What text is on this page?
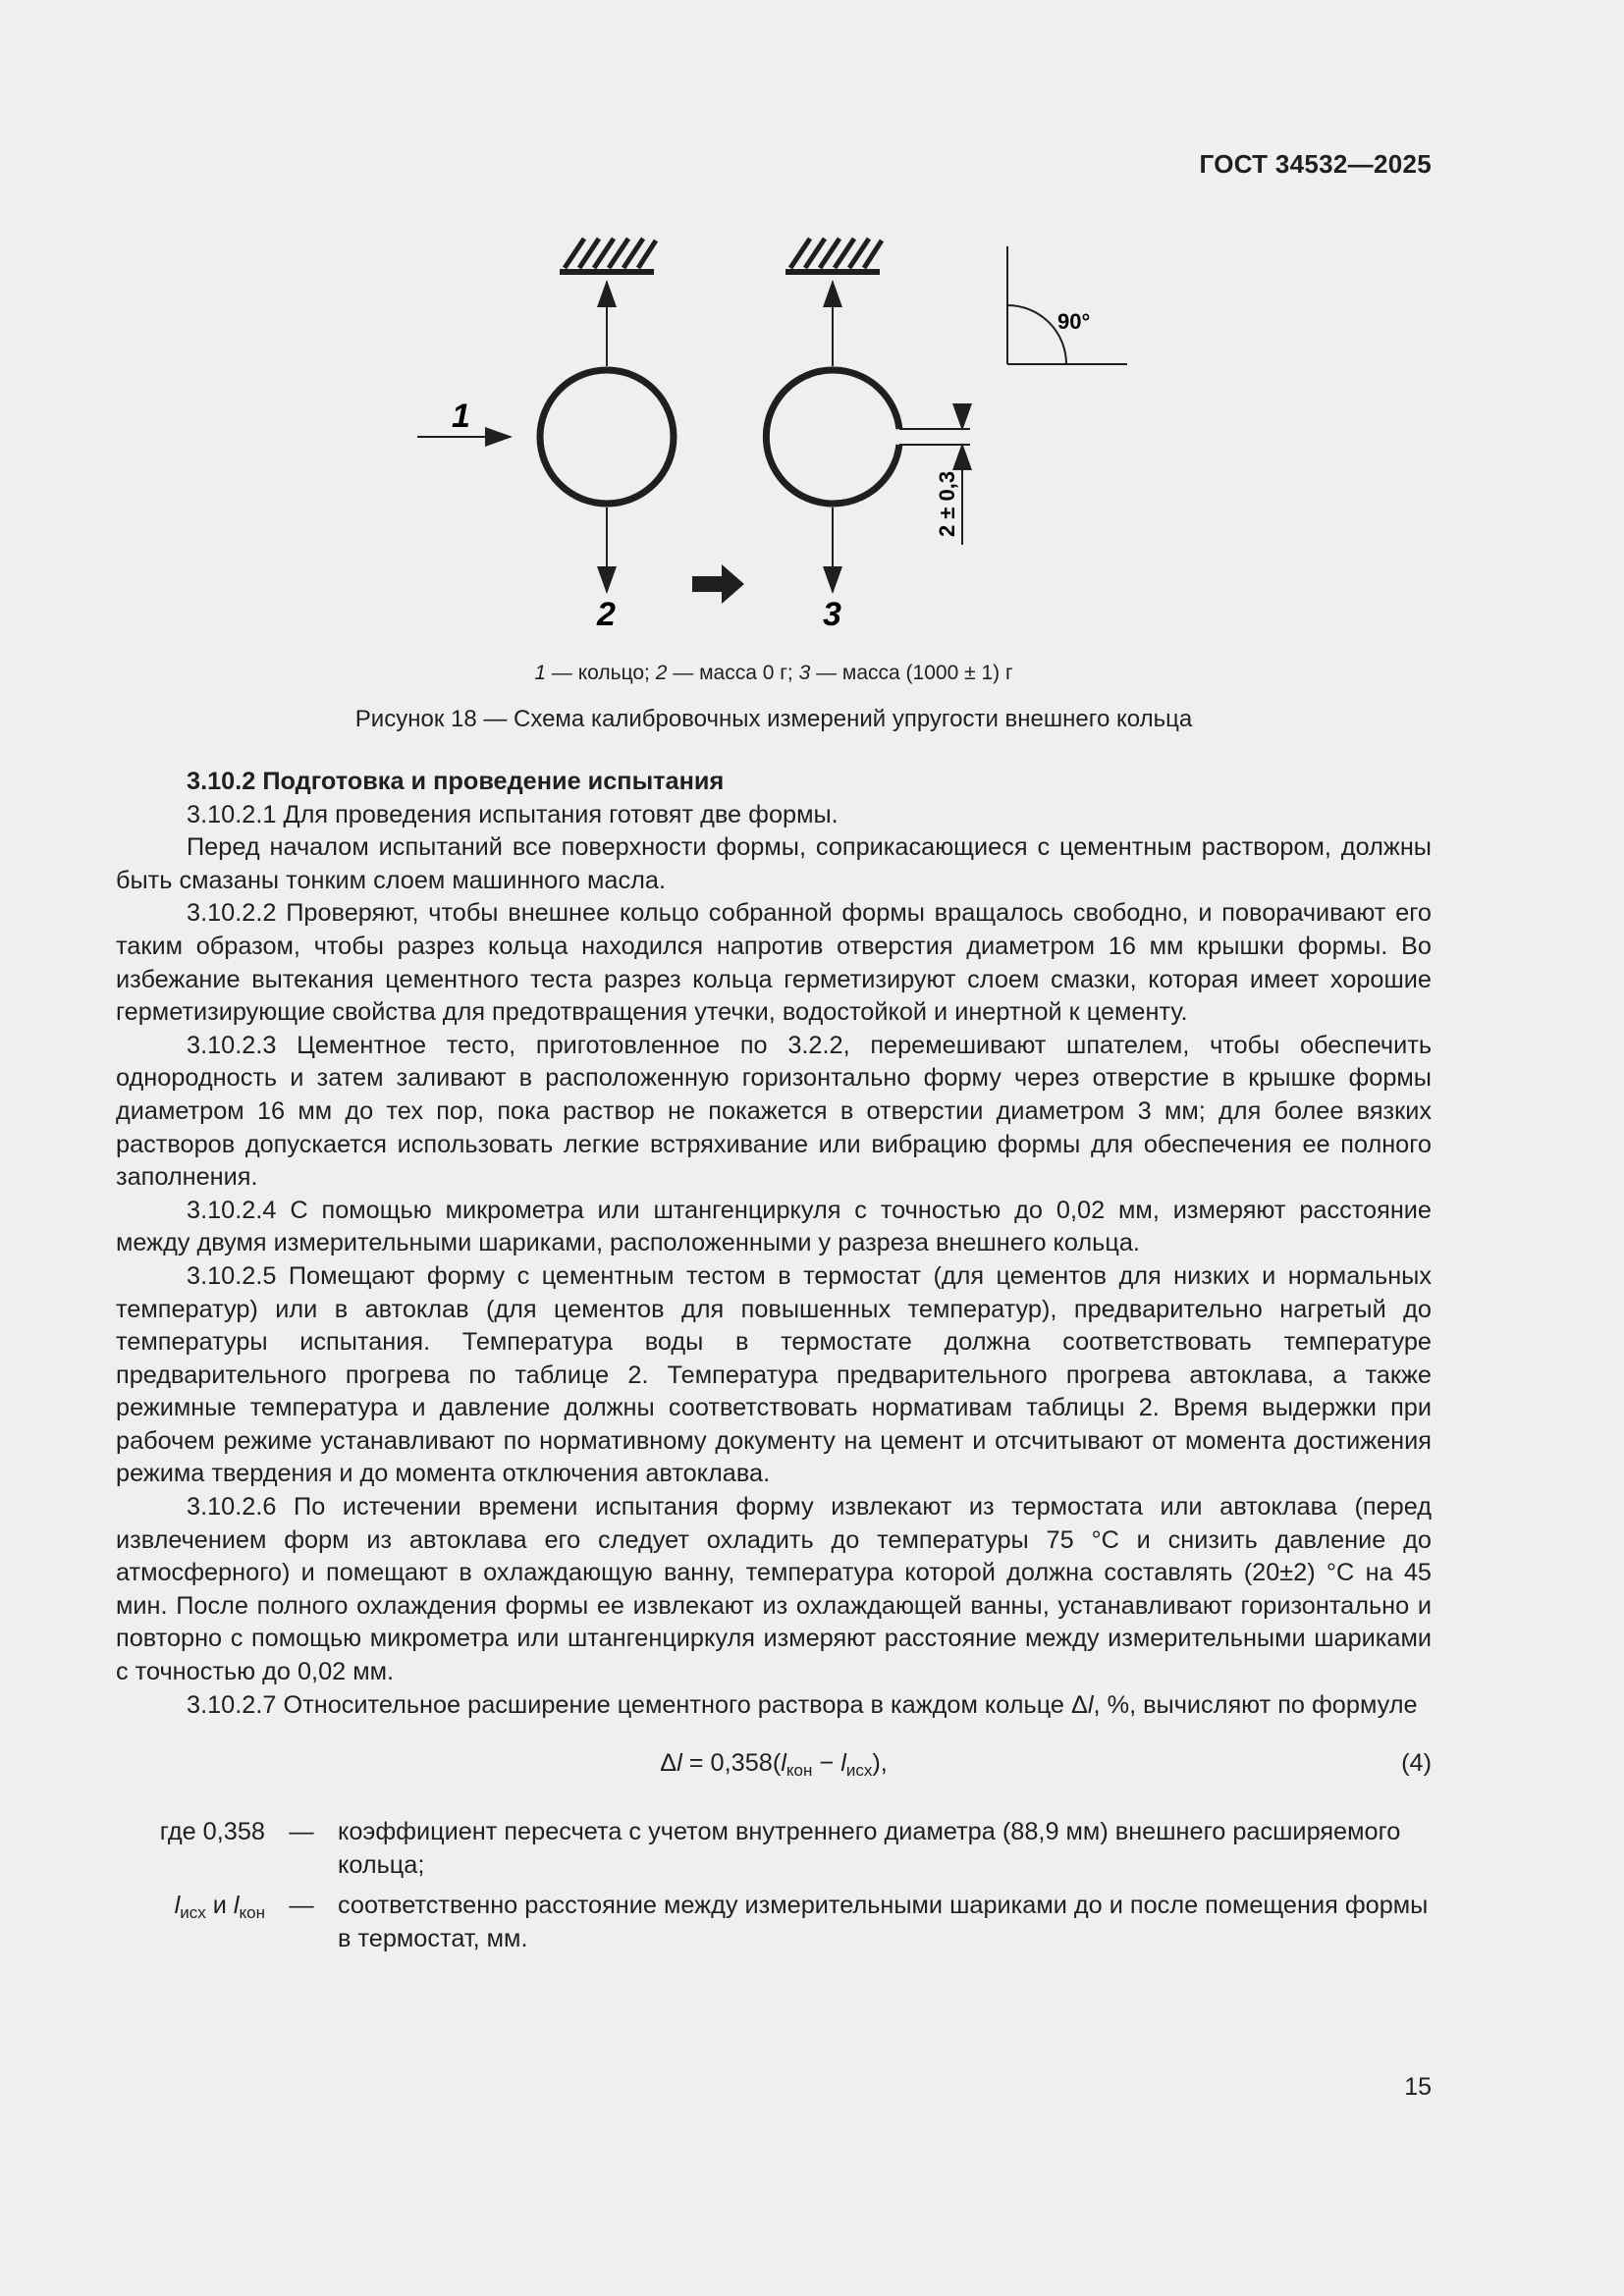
ГОСТ 34532—2025
1
2
2 ± 0,3
3
90°
1 — кольцо; 2 — масса 0 г; 3 — масса (1000 ± 1) г
Рисунок 18 — Схема калибровочных измерений упругости внешнего кольца

3.10.2 Подготовка и проведение испытания

3.10.2.1 Для проведения испытания готовят две формы.

Перед началом испытаний все поверхности формы, соприкасающиеся с цементным раствором, должны быть смазаны тонким слоем машинного масла.

3.10.2.2 Проверяют, чтобы внешнее кольцо собранной формы вращалось свободно, и поворачивают его таким образом, чтобы разрез кольца находился напротив отверстия диаметром 16 мм крышки формы. Во избежание вытекания цементного теста разрез кольца герметизируют слоем смазки, которая имеет хорошие герметизирующие свойства для предотвращения утечки, водостойкой и инертной к цементу.

3.10.2.3 Цементное тесто, приготовленное по 3.2.2, перемешивают шпателем, чтобы обеспечить однородность и затем заливают в расположенную горизонтально форму через отверстие в крышке формы диаметром 16 мм до тех пор, пока раствор не покажется в отверстии диаметром 3 мм; для более вязких растворов допускается использовать легкие встряхивание или вибрацию формы для обеспечения ее полного заполнения.

3.10.2.4 С помощью микрометра или штангенциркуля с точностью до 0,02 мм, измеряют расстояние между двумя измерительными шариками, расположенными у разреза внешнего кольца.

3.10.2.5 Помещают форму с цементным тестом в термостат (для цементов для низких и нормальных температур) или в автоклав (для цементов для повышенных температур), предварительно нагретый до температуры испытания. Температура воды в термостате должна соответствовать температуре предварительного прогрева по таблице 2. Температура предварительного прогрева автоклава, а также режимные температура и давление должны соответствовать нормативам таблицы 2. Время выдержки при рабочем режиме устанавливают по нормативному документу на цемент и отсчитывают от момента достижения режима твердения и до момента отключения автоклава.

3.10.2.6 По истечении времени испытания форму извлекают из термостата или автоклава (перед извлечением форм из автоклава его следует охладить до температуры 75 °С и снизить давление до атмосферного) и помещают в охлаждающую ванну, температура которой должна составлять (20±2) °С на 45 мин. После полного охлаждения формы ее извлекают из охлаждающей ванны, устанавливают горизонтально и повторно с помощью микрометра или штангенциркуля измеряют расстояние между измерительными шариками с точностью до 0,02 мм.

3.10.2.7 Относительное расширение цементного раствора в каждом кольце Δl, %, вычисляют по формуле

$\Delta l = 0,358(l_{кон} - l_{исх})$,	(4)
где 0,358	—	коэффициент пересчета с учетом внутреннего диаметра (88,9 мм) внешнего расширяемого кольца;
$l_{исх}$ и $l_{кон}$	—	соответственно расстояние между измерительными шариками до и после помещения формы в термостат, мм.
15
